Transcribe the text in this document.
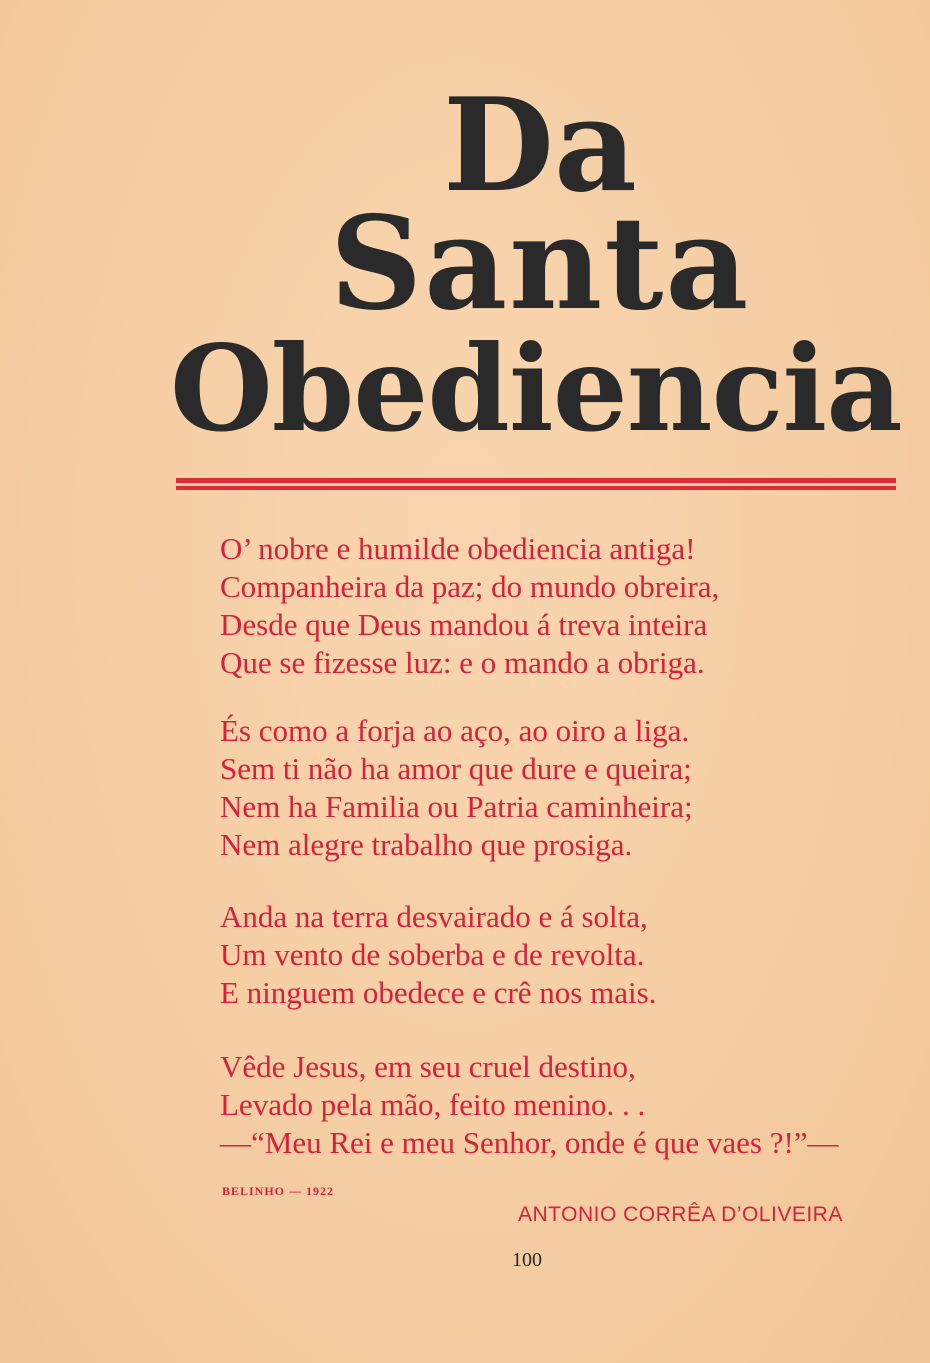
Da
Santa
Obediencia
O’ nobre e humilde obediencia antiga!
Companheira da paz; do mundo obreira,
Desde que Deus mandou á treva inteira
Que se fizesse luz: e o mando a obriga.
És como a forja ao aço, ao oiro a liga.
Sem ti não ha amor que dure e queira;
Nem ha Familia ou Patria caminheira;
Nem alegre trabalho que prosiga.
Anda na terra desvairado e á solta,
Um vento de soberba e de revolta.
E ninguem obedece e crê nos mais.
Vêde Jesus, em seu cruel destino,
Levado pela mão, feito menino. . .
—“Meu Rei e meu Senhor, onde é que vaes ?!”—
BELINHO — 1922
ANTONIO CORRÊA D’OLIVEIRA
100
